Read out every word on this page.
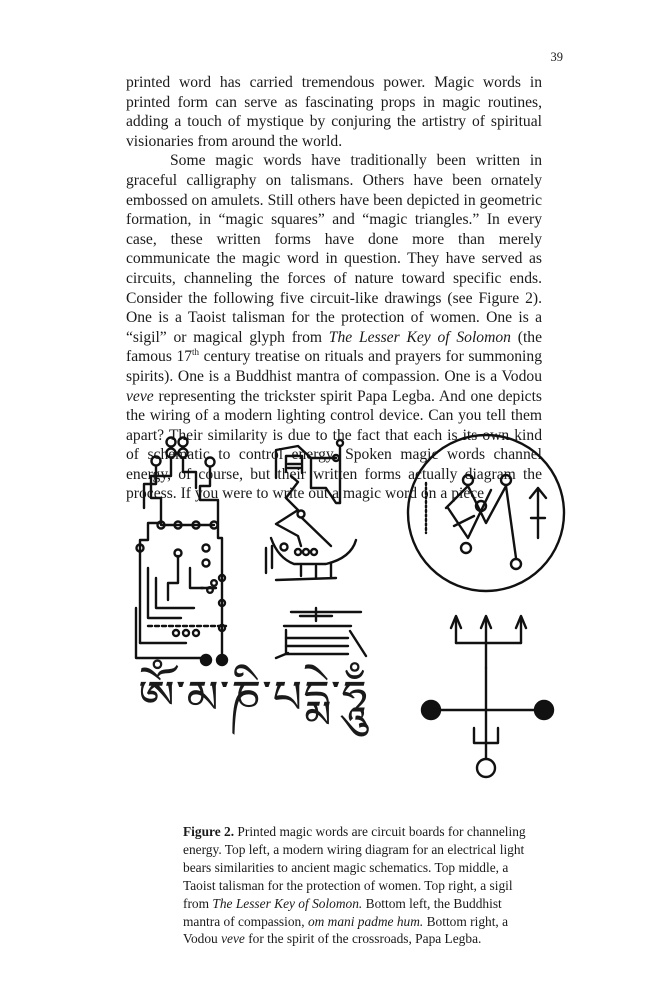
39

printed word has carried tremendous power. Magic words in printed form can serve as fascinating props in magic routines, adding a touch of mystique by conjuring the artistry of spiritual visionaries from around the world.

Some magic words have traditionally been written in graceful calligraphy on talismans. Others have been ornately embossed on amulets. Still others have been depicted in geometric formation, in “magic squares” and “magic triangles.” In every case, these written forms have done more than merely communicate the magic word in question. They have served as circuits, channeling the forces of nature toward specific ends. Consider the following five circuit-like drawings (see Figure 2). One is a Taoist talisman for the protection of women. One is a “sigil” or magical glyph from The Lesser Key of Solomon (the famous 17th century treatise on rituals and prayers for summoning spirits). One is a Buddhist mantra of compassion. One is a Vodou veve representing the trickster spirit Papa Legba. And one depicts the wiring of a modern lighting control device. Can you tell them apart? Their similarity is due to the fact that each is its own kind of schematic to control energy. Spoken magic words channel energy, of course, but their written forms actually diagram the process. If you were to write out a magic word on a piece

ཨོཾ་མ་ཎི་པདྨེ་ཧཱུྃ

Figure 2. Printed magic words are circuit boards for channeling energy. Top left, a modern wiring diagram for an electrical light bears similarities to ancient magic schematics. Top middle, a Taoist talisman for the protection of women. Top right, a sigil from The Lesser Key of Solomon. Bottom left, the Buddhist mantra of compassion, om mani padme hum. Bottom right, a Vodou veve for the spirit of the crossroads, Papa Legba.
